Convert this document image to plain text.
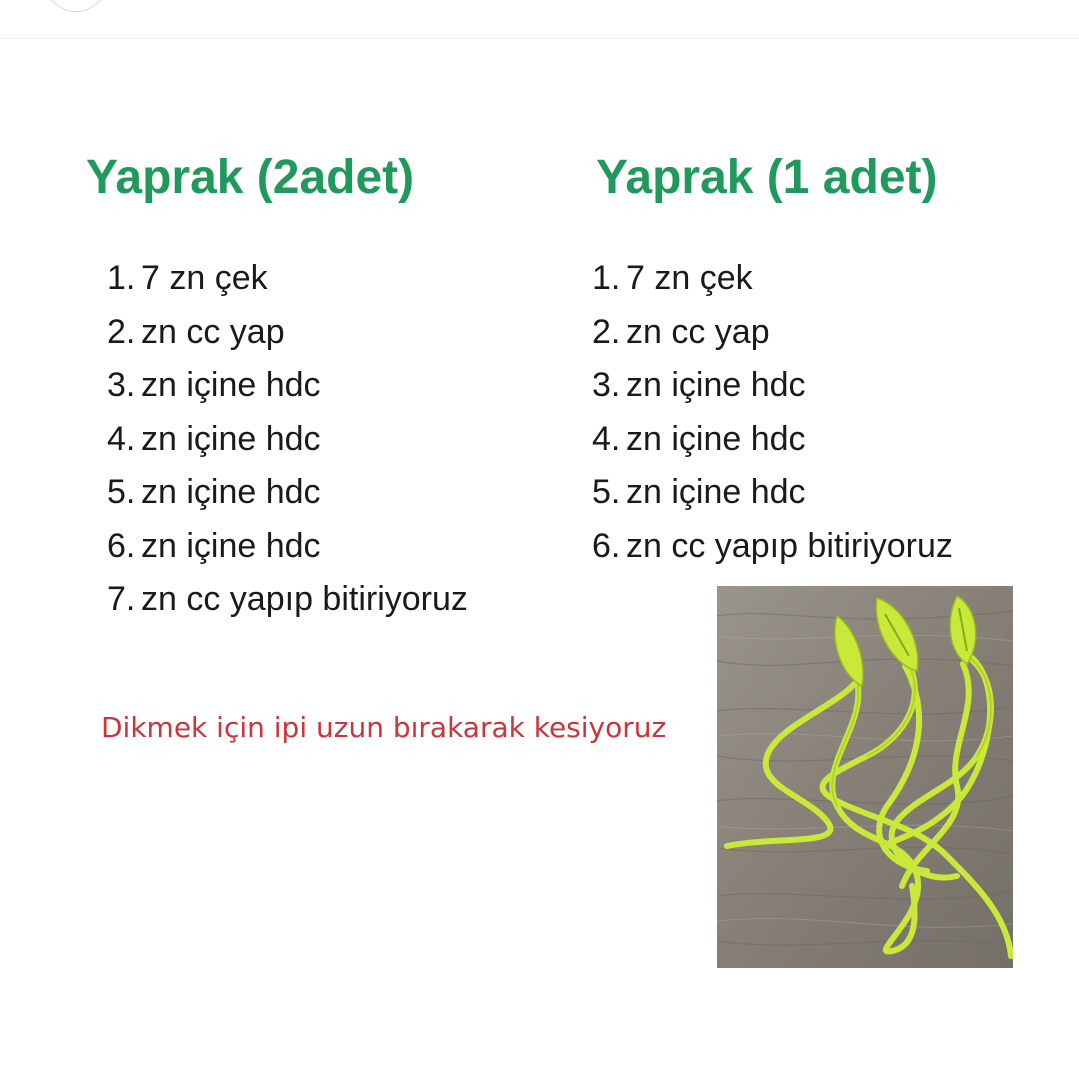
Yaprak (2adet)	Yaprak (1 adet)
1. 7 zn çek
2. zn cc yap
3. zn içine hdc
4. zn içine hdc
5. zn içine hdc
6. zn içine hdc
7. zn cc yapıp bitiriyoruz
1. 7 zn çek
2. zn cc yap
3. zn içine hdc
4. zn içine hdc
5. zn içine hdc
6. zn cc yapıp bitiriyoruz

Dikmek için ipi uzun bırakarak kesiyoruz
